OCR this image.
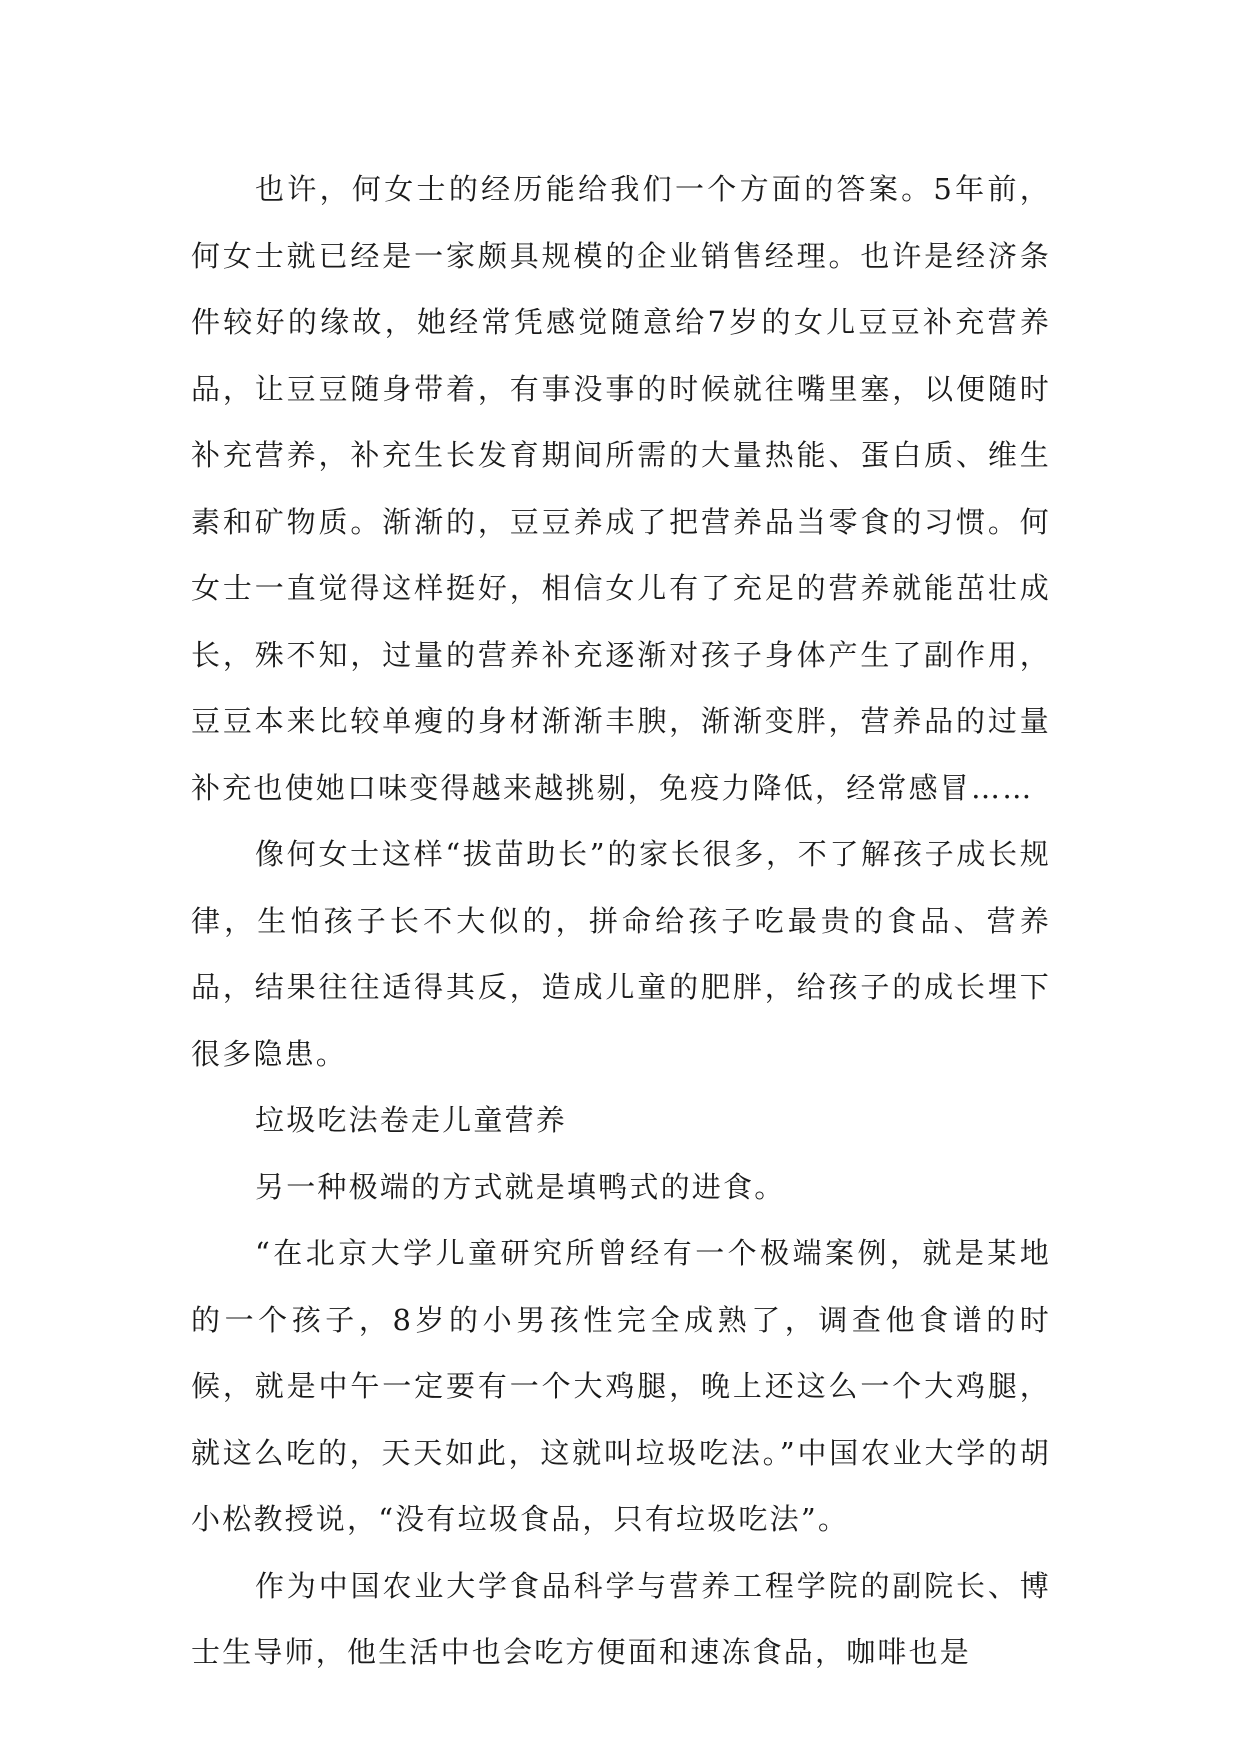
也许，何女士的经历能给我们一个方面的答案。5年前，何女士就已经是一家颇具规模的企业销售经理。也许是经济条件较好的缘故，她经常凭感觉随意给7岁的女儿豆豆补充营养品，让豆豆随身带着，有事没事的时候就往嘴里塞，以便随时补充营养，补充生长发育期间所需的大量热能、蛋白质、维生素和矿物质。渐渐的，豆豆养成了把营养品当零食的习惯。何女士一直觉得这样挺好，相信女儿有了充足的营养就能茁壮成长，殊不知，过量的营养补充逐渐对孩子身体产生了副作用，豆豆本来比较单瘦的身材渐渐丰腴，渐渐变胖，营养品的过量补充也使她口味变得越来越挑剔，免疫力降低，经常感冒……

像何女士这样“拔苗助长”的家长很多，不了解孩子成长规律，生怕孩子长不大似的，拼命给孩子吃最贵的食品、营养品，结果往往适得其反，造成儿童的肥胖，给孩子的成长埋下很多隐患。

垃圾吃法卷走儿童营养

另一种极端的方式就是填鸭式的进食。

“在北京大学儿童研究所曾经有一个极端案例，就是某地的一个孩子，8岁的小男孩性完全成熟了，调查他食谱的时候，就是中午一定要有一个大鸡腿，晚上还这么一个大鸡腿，就这么吃的，天天如此，这就叫垃圾吃法。”中国农业大学的胡小松教授说，“没有垃圾食品，只有垃圾吃法”。

作为中国农业大学食品科学与营养工程学院的副院长、博士生导师，他生活中也会吃方便面和速冻食品，咖啡也是
